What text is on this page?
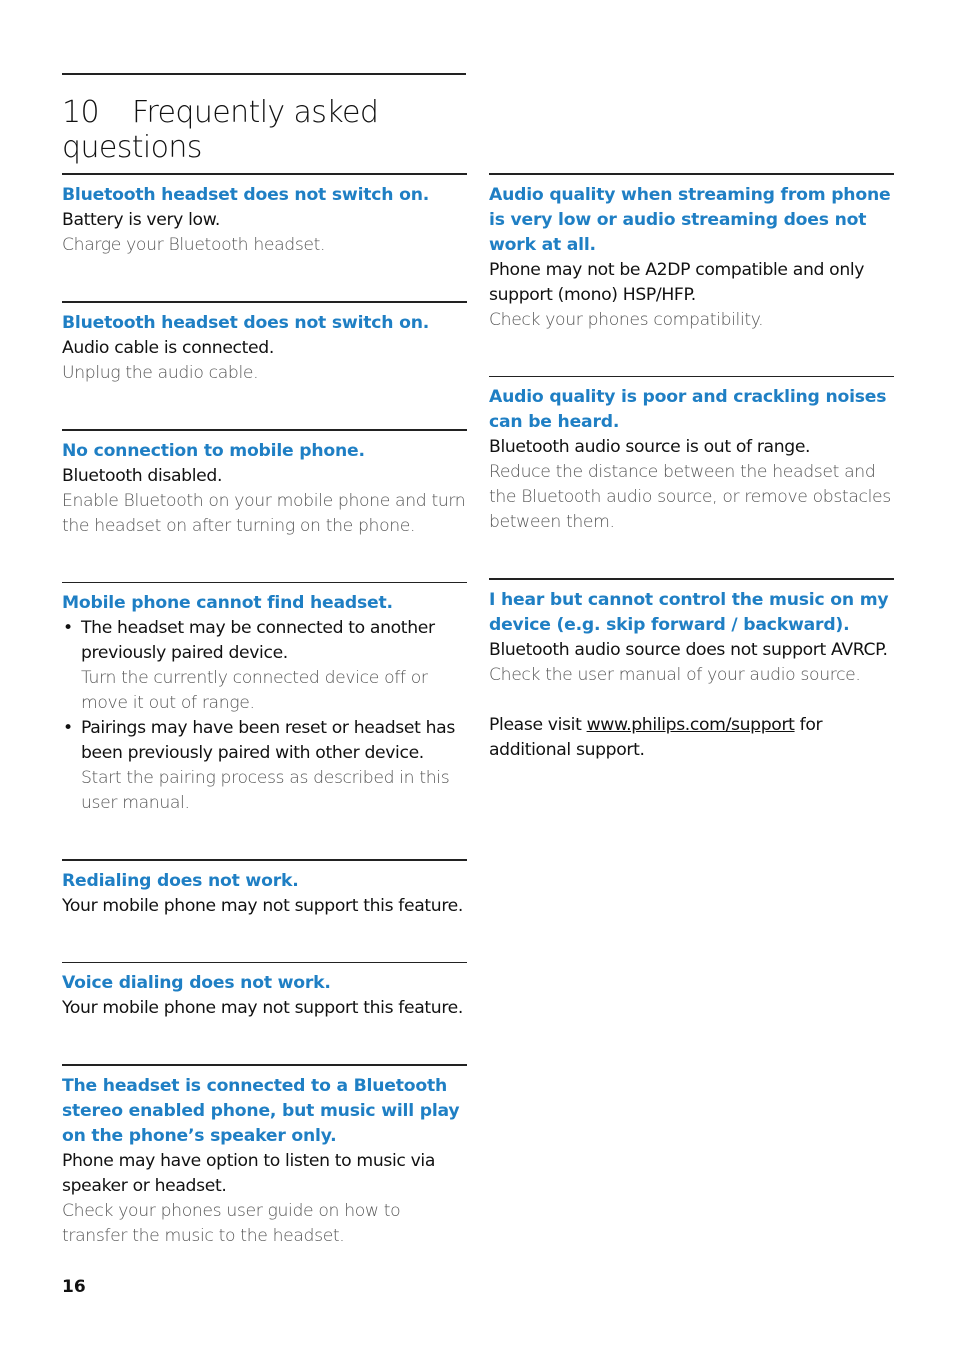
10 Frequently asked questions
Bluetooth headset does not switch on.
Battery is very low.
Charge your Bluetooth headset.
Bluetooth headset does not switch on.
Audio cable is connected.
Unplug the audio cable.
No connection to mobile phone.
Bluetooth disabled.
Enable Bluetooth on your mobile phone and turn the headset on after turning on the phone.
Mobile phone cannot find headset.
• The headset may be connected to another previously paired device.
Turn the currently connected device off or move it out of range.
• Pairings may have been reset or headset has been previously paired with other device.
Start the pairing process as described in this user manual.
Redialing does not work.
Your mobile phone may not support this feature.
Voice dialing does not work.
Your mobile phone may not support this feature.
The headset is connected to a Bluetooth stereo enabled phone, but music will play on the phone’s speaker only.
Phone may have option to listen to music via speaker or headset.
Check your phones user guide on how to transfer the music to the headset.
Audio quality when streaming from phone is very low or audio streaming does not work at all.
Phone may not be A2DP compatible and only support (mono) HSP/HFP.
Check your phones compatibility.
Audio quality is poor and crackling noises can be heard.
Bluetooth audio source is out of range.
Reduce the distance between the headset and the Bluetooth audio source, or remove obstacles between them.
I hear but cannot control the music on my device (e.g. skip forward / backward).
Bluetooth audio source does not support AVRCP.
Check the user manual of your audio source.
Please visit www.philips.com/support for additional support.
16
